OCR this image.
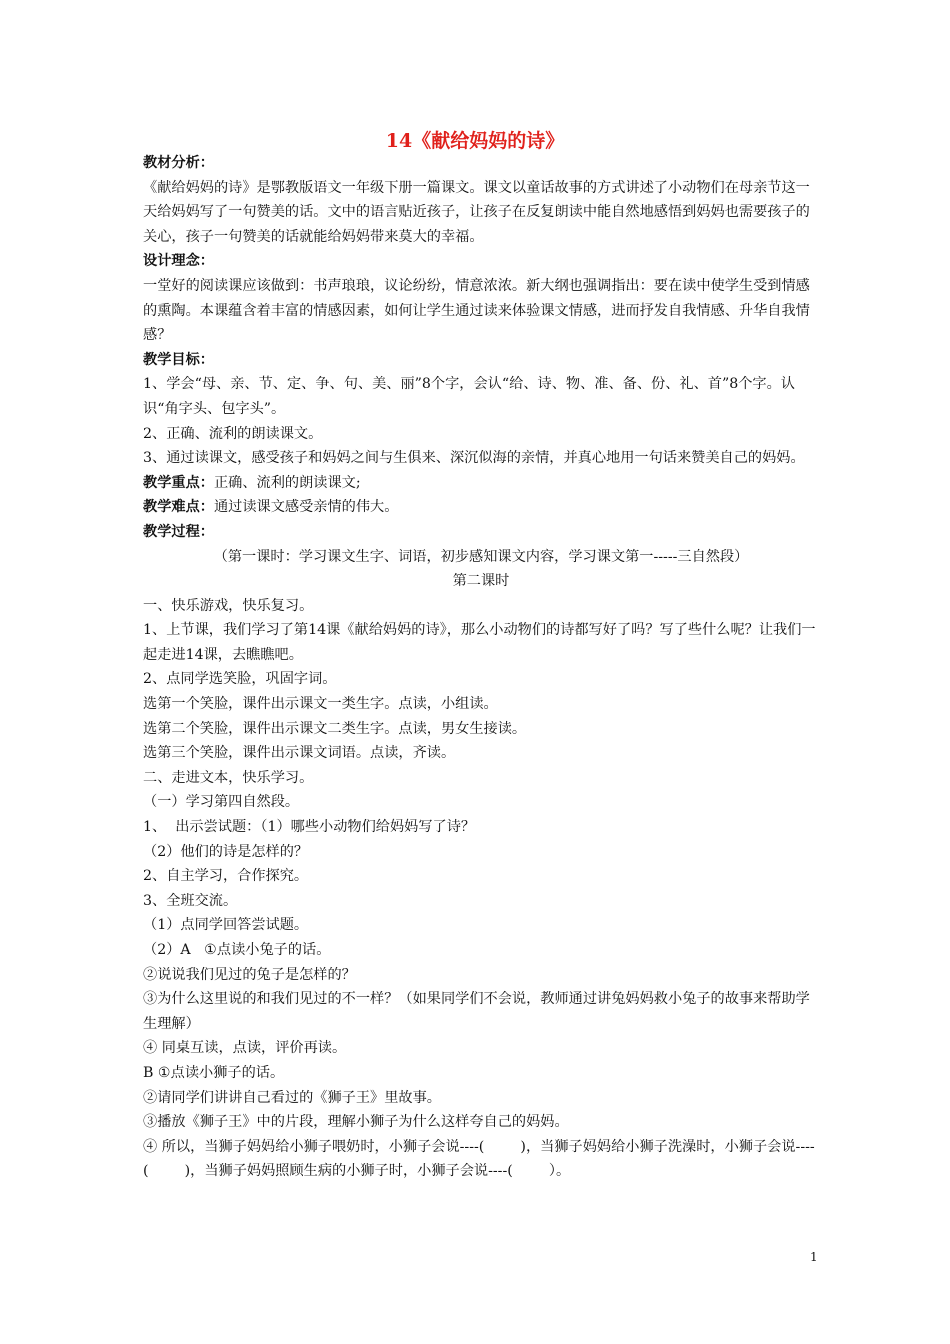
14《献给妈妈的诗》

教材分析：

《献给妈妈的诗》是鄂教版语文一年级下册一篇课文。课文以童话故事的方式讲述了小动物们在母亲节这一天给妈妈写了一句赞美的话。文中的语言贴近孩子，让孩子在反复朗读中能自然地感悟到妈妈也需要孩子的关心，孩子一句赞美的话就能给妈妈带来莫大的幸福。

设计理念：

一堂好的阅读课应该做到：书声琅琅，议论纷纷，情意浓浓。新大纲也强调指出：要在读中使学生受到情感的熏陶。本课蕴含着丰富的情感因素，如何让学生通过读来体验课文情感，进而抒发自我情感、升华自我情感？

教学目标：

1、学会“母、亲、节、定、争、句、美、丽”8个字，会认“给、诗、物、准、备、份、礼、首”8个字。认识“角字头、包字头”。

2、正确、流利的朗读课文。

3、通过读课文，感受孩子和妈妈之间与生俱来、深沉似海的亲情，并真心地用一句话来赞美自己的妈妈。

教学重点：正确、流利的朗读课文;

教学难点：通过读课文感受亲情的伟大。

教学过程：

（第一课时：学习课文生字、词语，初步感知课文内容，学习课文第一-----三自然段）

第二课时

一、快乐游戏，快乐复习。

1、上节课，我们学习了第14课《献给妈妈的诗》，那么小动物们的诗都写好了吗？写了些什么呢？让我们一起走进14课，去瞧瞧吧。

2、点同学选笑脸，巩固字词。

选第一个笑脸，课件出示课文一类生字。点读，小组读。

选第二个笑脸，课件出示课文二类生字。点读，男女生接读。

选第三个笑脸，课件出示课文词语。点读，齐读。

二、走进文本，快乐学习。

（一）学习第四自然段。

1、  出示尝试题：（1）哪些小动物们给妈妈写了诗？

（2）他们的诗是怎样的？

2、自主学习，合作探究。

3、全班交流。

（1）点同学回答尝试题。

（2）A   ①点读小兔子的话。

②说说我们见过的兔子是怎样的？

③为什么这里说的和我们见过的不一样？（如果同学们不会说，教师通过讲兔妈妈救小兔子的故事来帮助学生理解）

④ 同桌互读，点读，评价再读。

B ①点读小狮子的话。

②请同学们讲讲自己看过的《狮子王》里故事。

③播放《狮子王》中的片段，理解小狮子为什么这样夸自己的妈妈。

④ 所以，当狮子妈妈给小狮子喂奶时，小狮子会说----(        )，当狮子妈妈给小狮子洗澡时，小狮子会说----(        )，当狮子妈妈照顾生病的小狮子时，小狮子会说----(        ）。

1
